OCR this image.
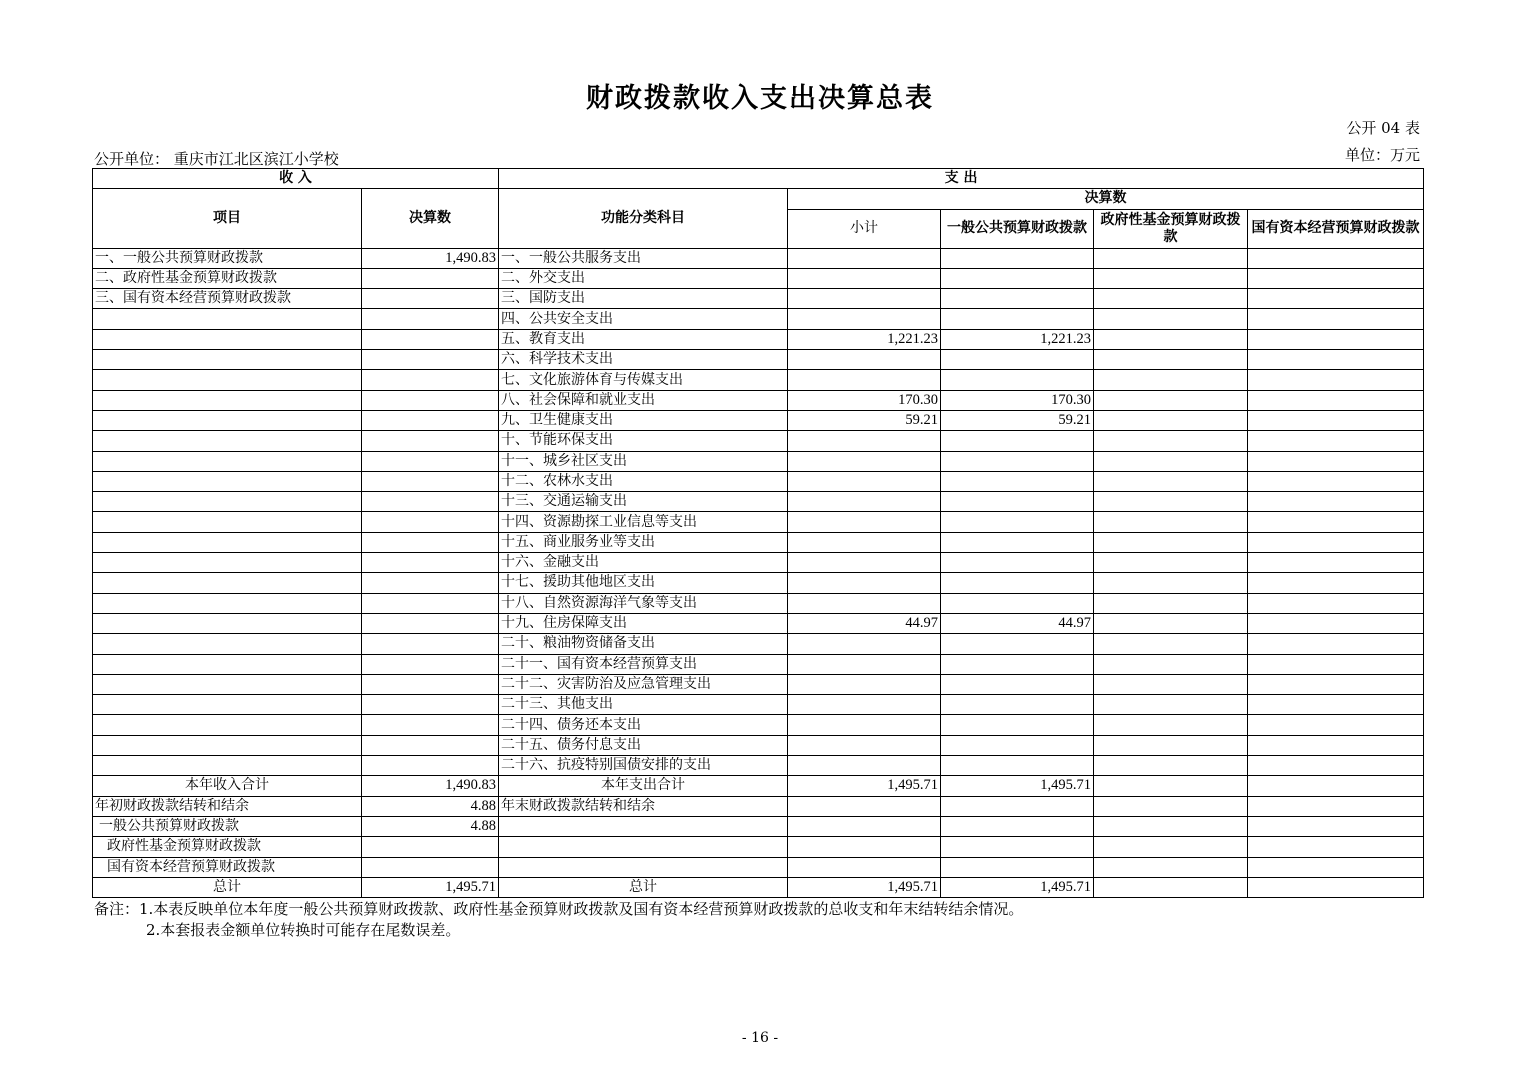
财政拨款收入支出决算总表
公开 04 表
单位：万元
公开单位： 重庆市江北区滨江小学校
收 入		支 出				
项目	决算数	功能分类科目	决算数			
			小计	一般公共预算财政拨款	政府性基金预算财政拨款	国有资本经营预算财政拨款
一、一般公共预算财政拨款	1,490.83	一、一般公共服务支出				
二、政府性基金预算财政拨款		二、外交支出				
三、国有资本经营预算财政拨款		三、国防支出				
		四、公共安全支出				
		五、教育支出	1,221.23	1,221.23		
		六、科学技术支出				
		七、文化旅游体育与传媒支出				
		八、社会保障和就业支出	170.30	170.30		
		九、卫生健康支出	59.21	59.21		
		十、节能环保支出				
		十一、城乡社区支出				
		十二、农林水支出				
		十三、交通运输支出				
		十四、资源勘探工业信息等支出				
		十五、商业服务业等支出				
		十六、金融支出				
		十七、援助其他地区支出				
		十八、自然资源海洋气象等支出				
		十九、住房保障支出	44.97	44.97		
		二十、粮油物资储备支出				
		二十一、国有资本经营预算支出				
		二十二、灾害防治及应急管理支出				
		二十三、其他支出				
		二十四、债务还本支出				
		二十五、债务付息支出				
		二十六、抗疫特别国债安排的支出				
本年收入合计	1,490.83	本年支出合计	1,495.71	1,495.71		
年初财政拨款结转和结余	4.88	年末财政拨款结转和结余				
一般公共预算财政拨款	4.88					
政府性基金预算财政拨款						
国有资本经营预算财政拨款						
总计	1,495.71	总计	1,495.71	1,495.71		
备注：1.本表反映单位本年度一般公共预算财政拨款、政府性基金预算财政拨款及国有资本经营预算财政拨款的总收支和年末结转结余情况。
2.本套报表金额单位转换时可能存在尾数误差。
- 16 -
